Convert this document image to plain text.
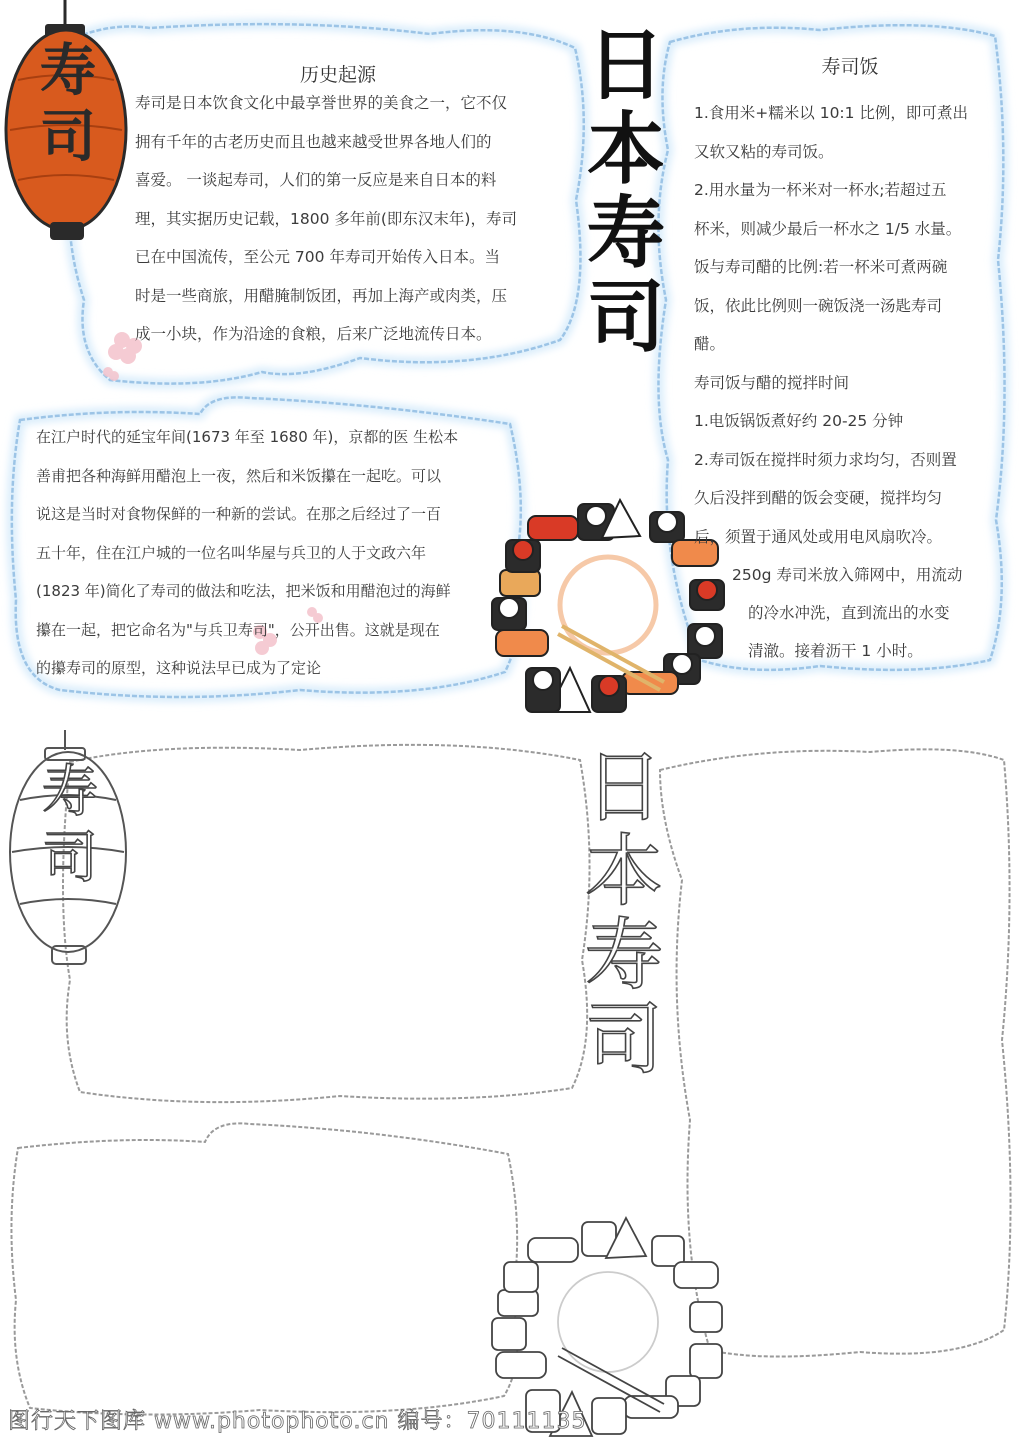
寿
司
寿
司
日
本
寿
司
日
本
寿
司
历史起源
寿司是日本饮食文化中最享誉世界的美食之一，它不仅
拥有千年的古老历史而且也越来越受世界各地人们的
喜爱。 一谈起寿司，人们的第一反应是来自日本的料
理，其实据历史记载，1800 多年前(即东汉末年)，寿司
已在中国流传，至公元 700 年寿司开始传入日本。当
时是一些商旅，用醋腌制饭团，再加上海产或肉类，压
成一小块，作为沿途的食粮，后来广泛地流传日本。
在江户时代的延宝年间(1673 年至 1680 年)，京都的医 生松本
善甫把各种海鲜用醋泡上一夜，然后和米饭攥在一起吃。可以
说这是当时对食物保鲜的一种新的尝试。在那之后经过了一百
五十年，住在江户城的一位名叫华屋与兵卫的人于文政六年
(1823 年)简化了寿司的做法和吃法，把米饭和用醋泡过的海鲜
攥在一起，把它命名为"与兵卫寿司"，公开出售。这就是现在
的攥寿司的原型，这种说法早已成为了定论
寿司饭
1.食用米+糯米以 10:1 比例，即可煮出
又软又粘的寿司饭。
2.用水量为一杯米对一杯水;若超过五
杯米，则减少最后一杯水之 1/5 水量。
饭与寿司醋的比例:若一杯米可煮两碗
饭，依此比例则一碗饭浇一汤匙寿司
醋。
寿司饭与醋的搅拌时间
1.电饭锅饭煮好约 20-25 分钟
2.寿司饭在搅拌时须力求均匀，否则置
久后没拌到醋的饭会变硬，搅拌均匀
后，须置于通风处或用电风扇吹冷。
250g 寿司米放入筛网中，用流动
的冷水冲洗，直到流出的水变
清澈。接着沥干 1 小时。
图行天下图库 www.photophoto.cn 编号：70111135
